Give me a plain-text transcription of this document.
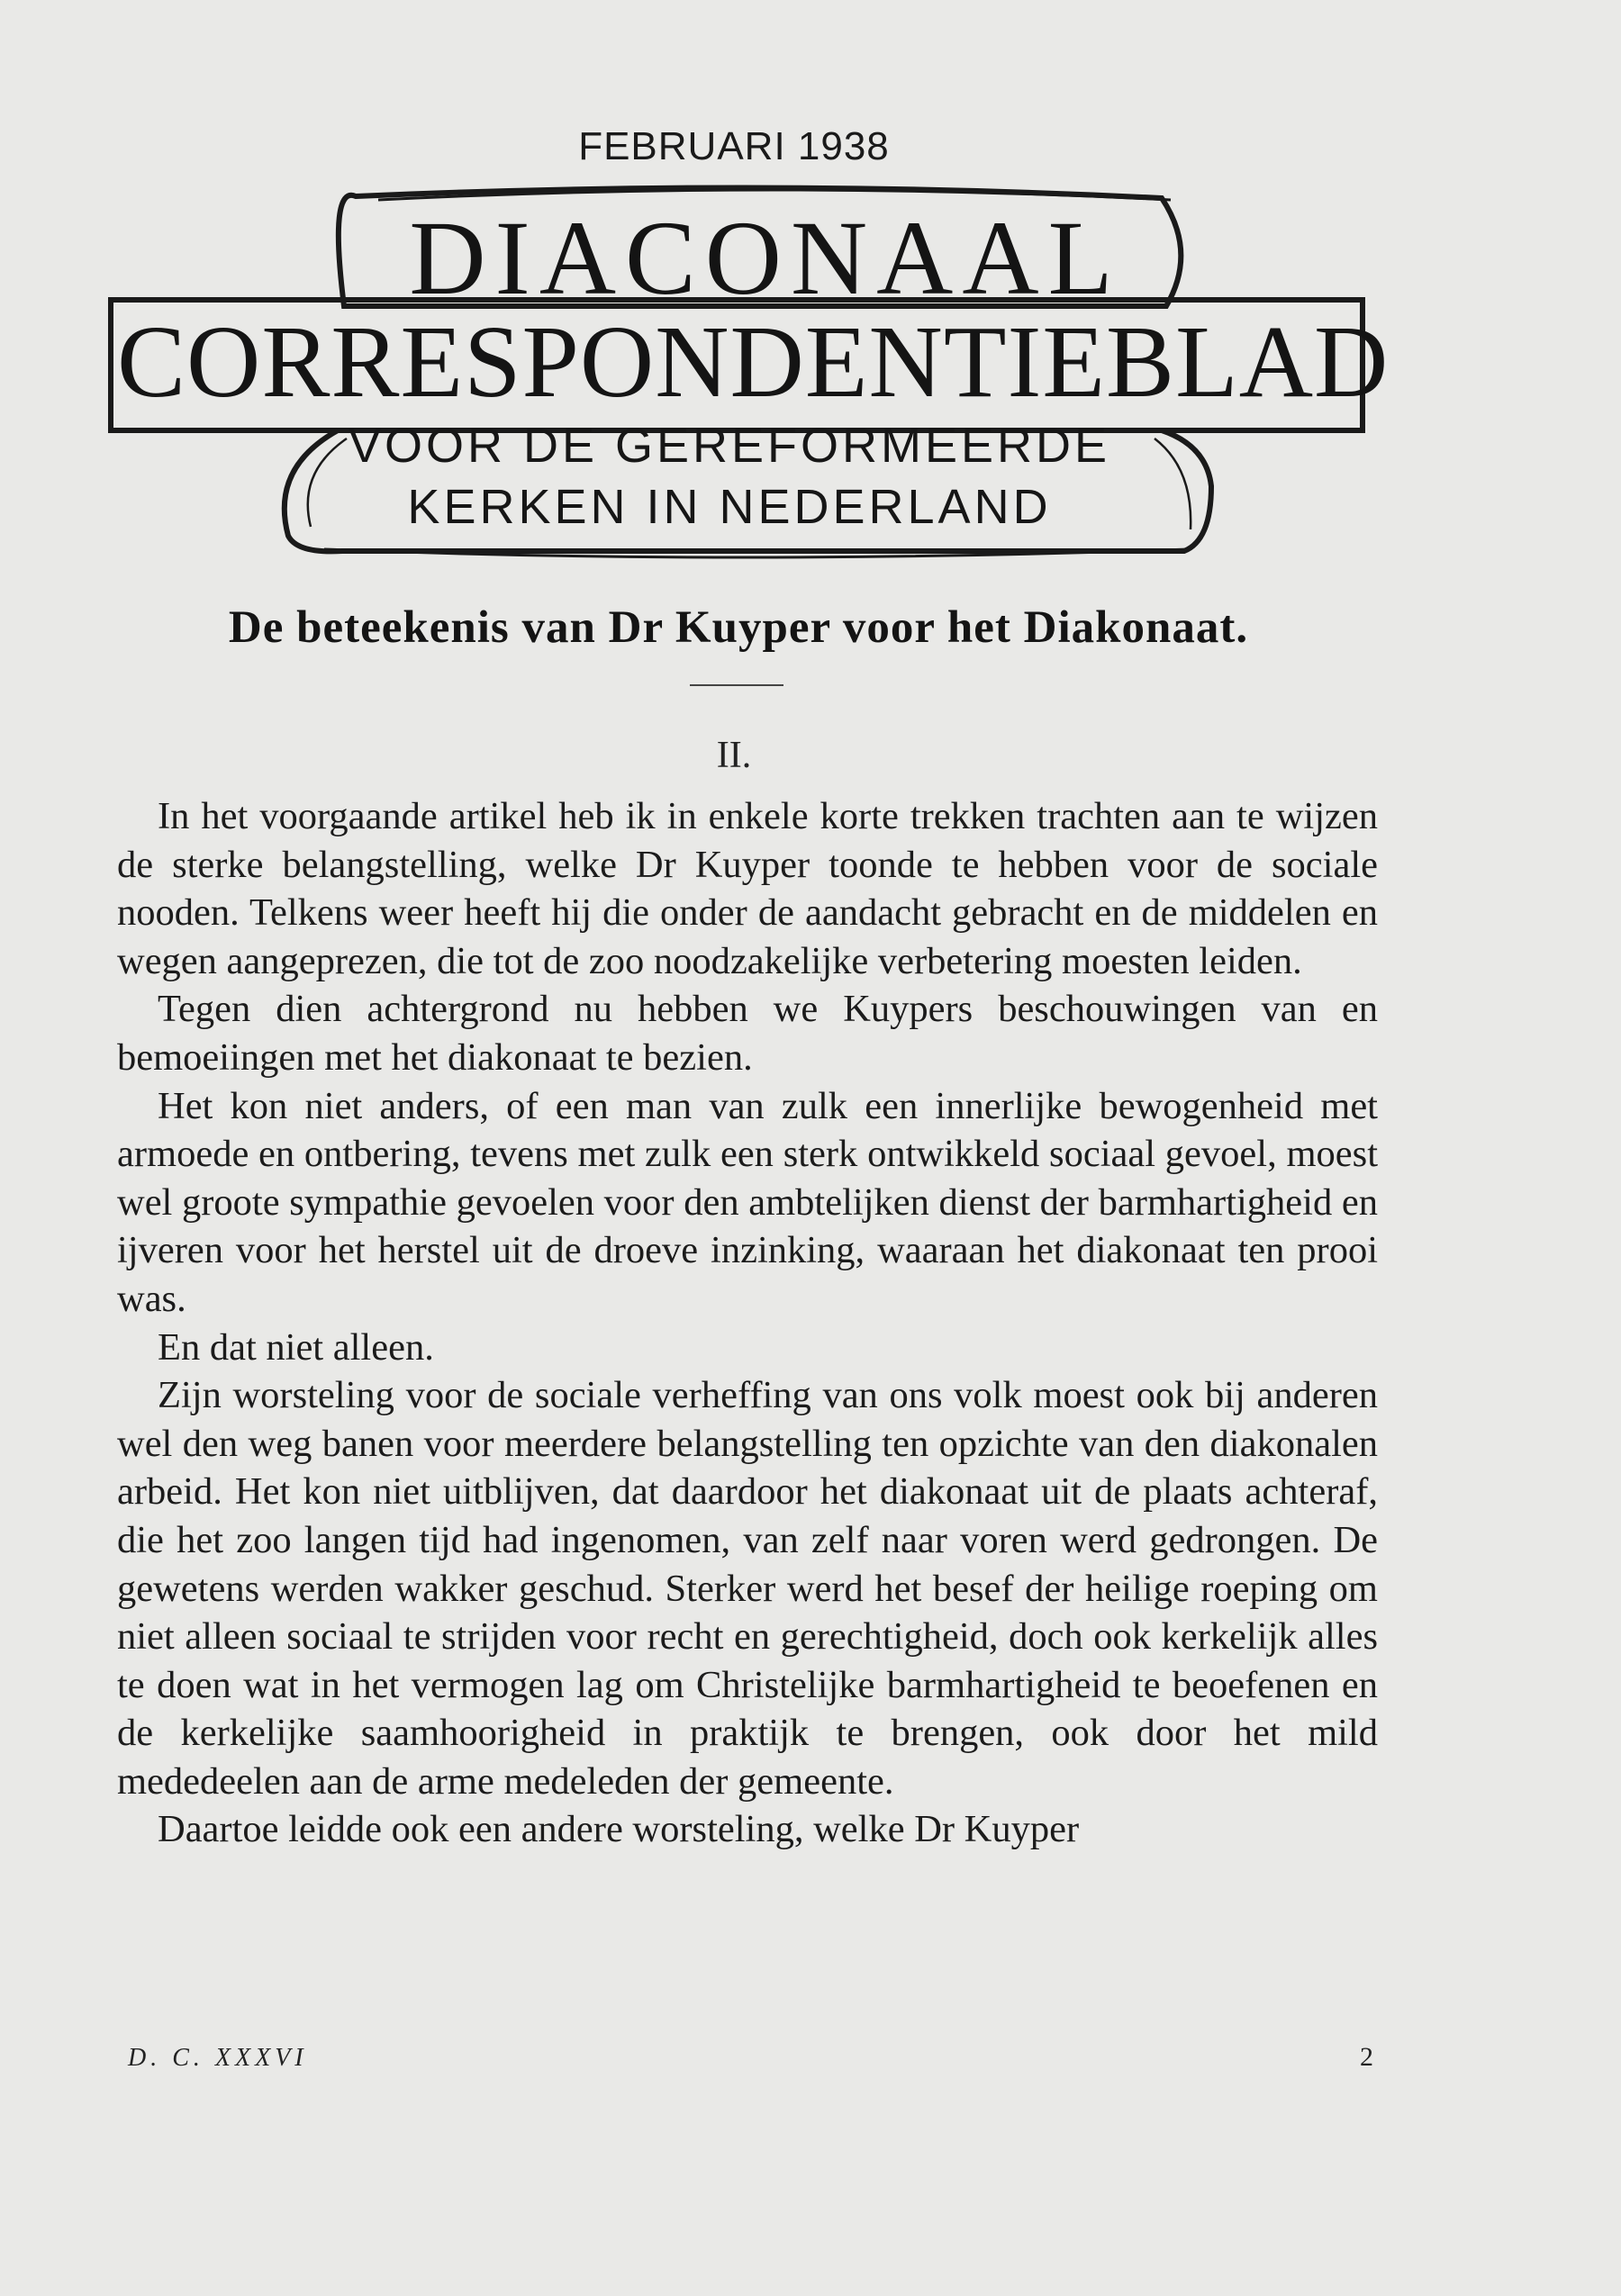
FEBRUARI 1938
DIACONAAL
CORRESPONDENTIEBLAD
VOOR DE GEREFORMEERDE
KERKEN IN NEDERLAND
De beteekenis van Dr Kuyper voor het Diakonaat.
II.

In het voorgaande artikel heb ik in enkele korte trekken trachten aan te wijzen de sterke belangstelling, welke Dr Kuyper toonde te hebben voor de sociale nooden. Telkens weer heeft hij die onder de aandacht gebracht en de middelen en wegen aangeprezen, die tot de zoo noodzakelijke verbetering moesten leiden.

Tegen dien achtergrond nu hebben we Kuypers beschouwingen van en bemoeiingen met het diakonaat te bezien.

Het kon niet anders, of een man van zulk een innerlijke bewogenheid met armoede en ontbering, tevens met zulk een sterk ontwikkeld sociaal gevoel, moest wel groote sympathie gevoelen voor den ambtelijken dienst der barmhartigheid en ijveren voor het herstel uit de droeve inzinking, waaraan het diakonaat ten prooi was.

En dat niet alleen.

Zijn worsteling voor de sociale verheffing van ons volk moest ook bij anderen wel den weg banen voor meerdere belangstelling ten opzichte van den diakonalen arbeid. Het kon niet uitblijven, dat daardoor het diakonaat uit de plaats achteraf, die het zoo langen tijd had ingenomen, van zelf naar voren werd gedrongen. De gewetens werden wakker geschud. Sterker werd het besef der heilige roeping om niet alleen sociaal te strijden voor recht en gerechtigheid, doch ook kerkelijk alles te doen wat in het vermogen lag om Christelijke barmhartigheid te beoefenen en de kerkelijke saamhoorigheid in praktijk te brengen, ook door het mild mededeelen aan de arme medeleden der gemeente.

Daartoe leidde ook een andere worsteling, welke Dr Kuyper

D. C. XXXVI	2
